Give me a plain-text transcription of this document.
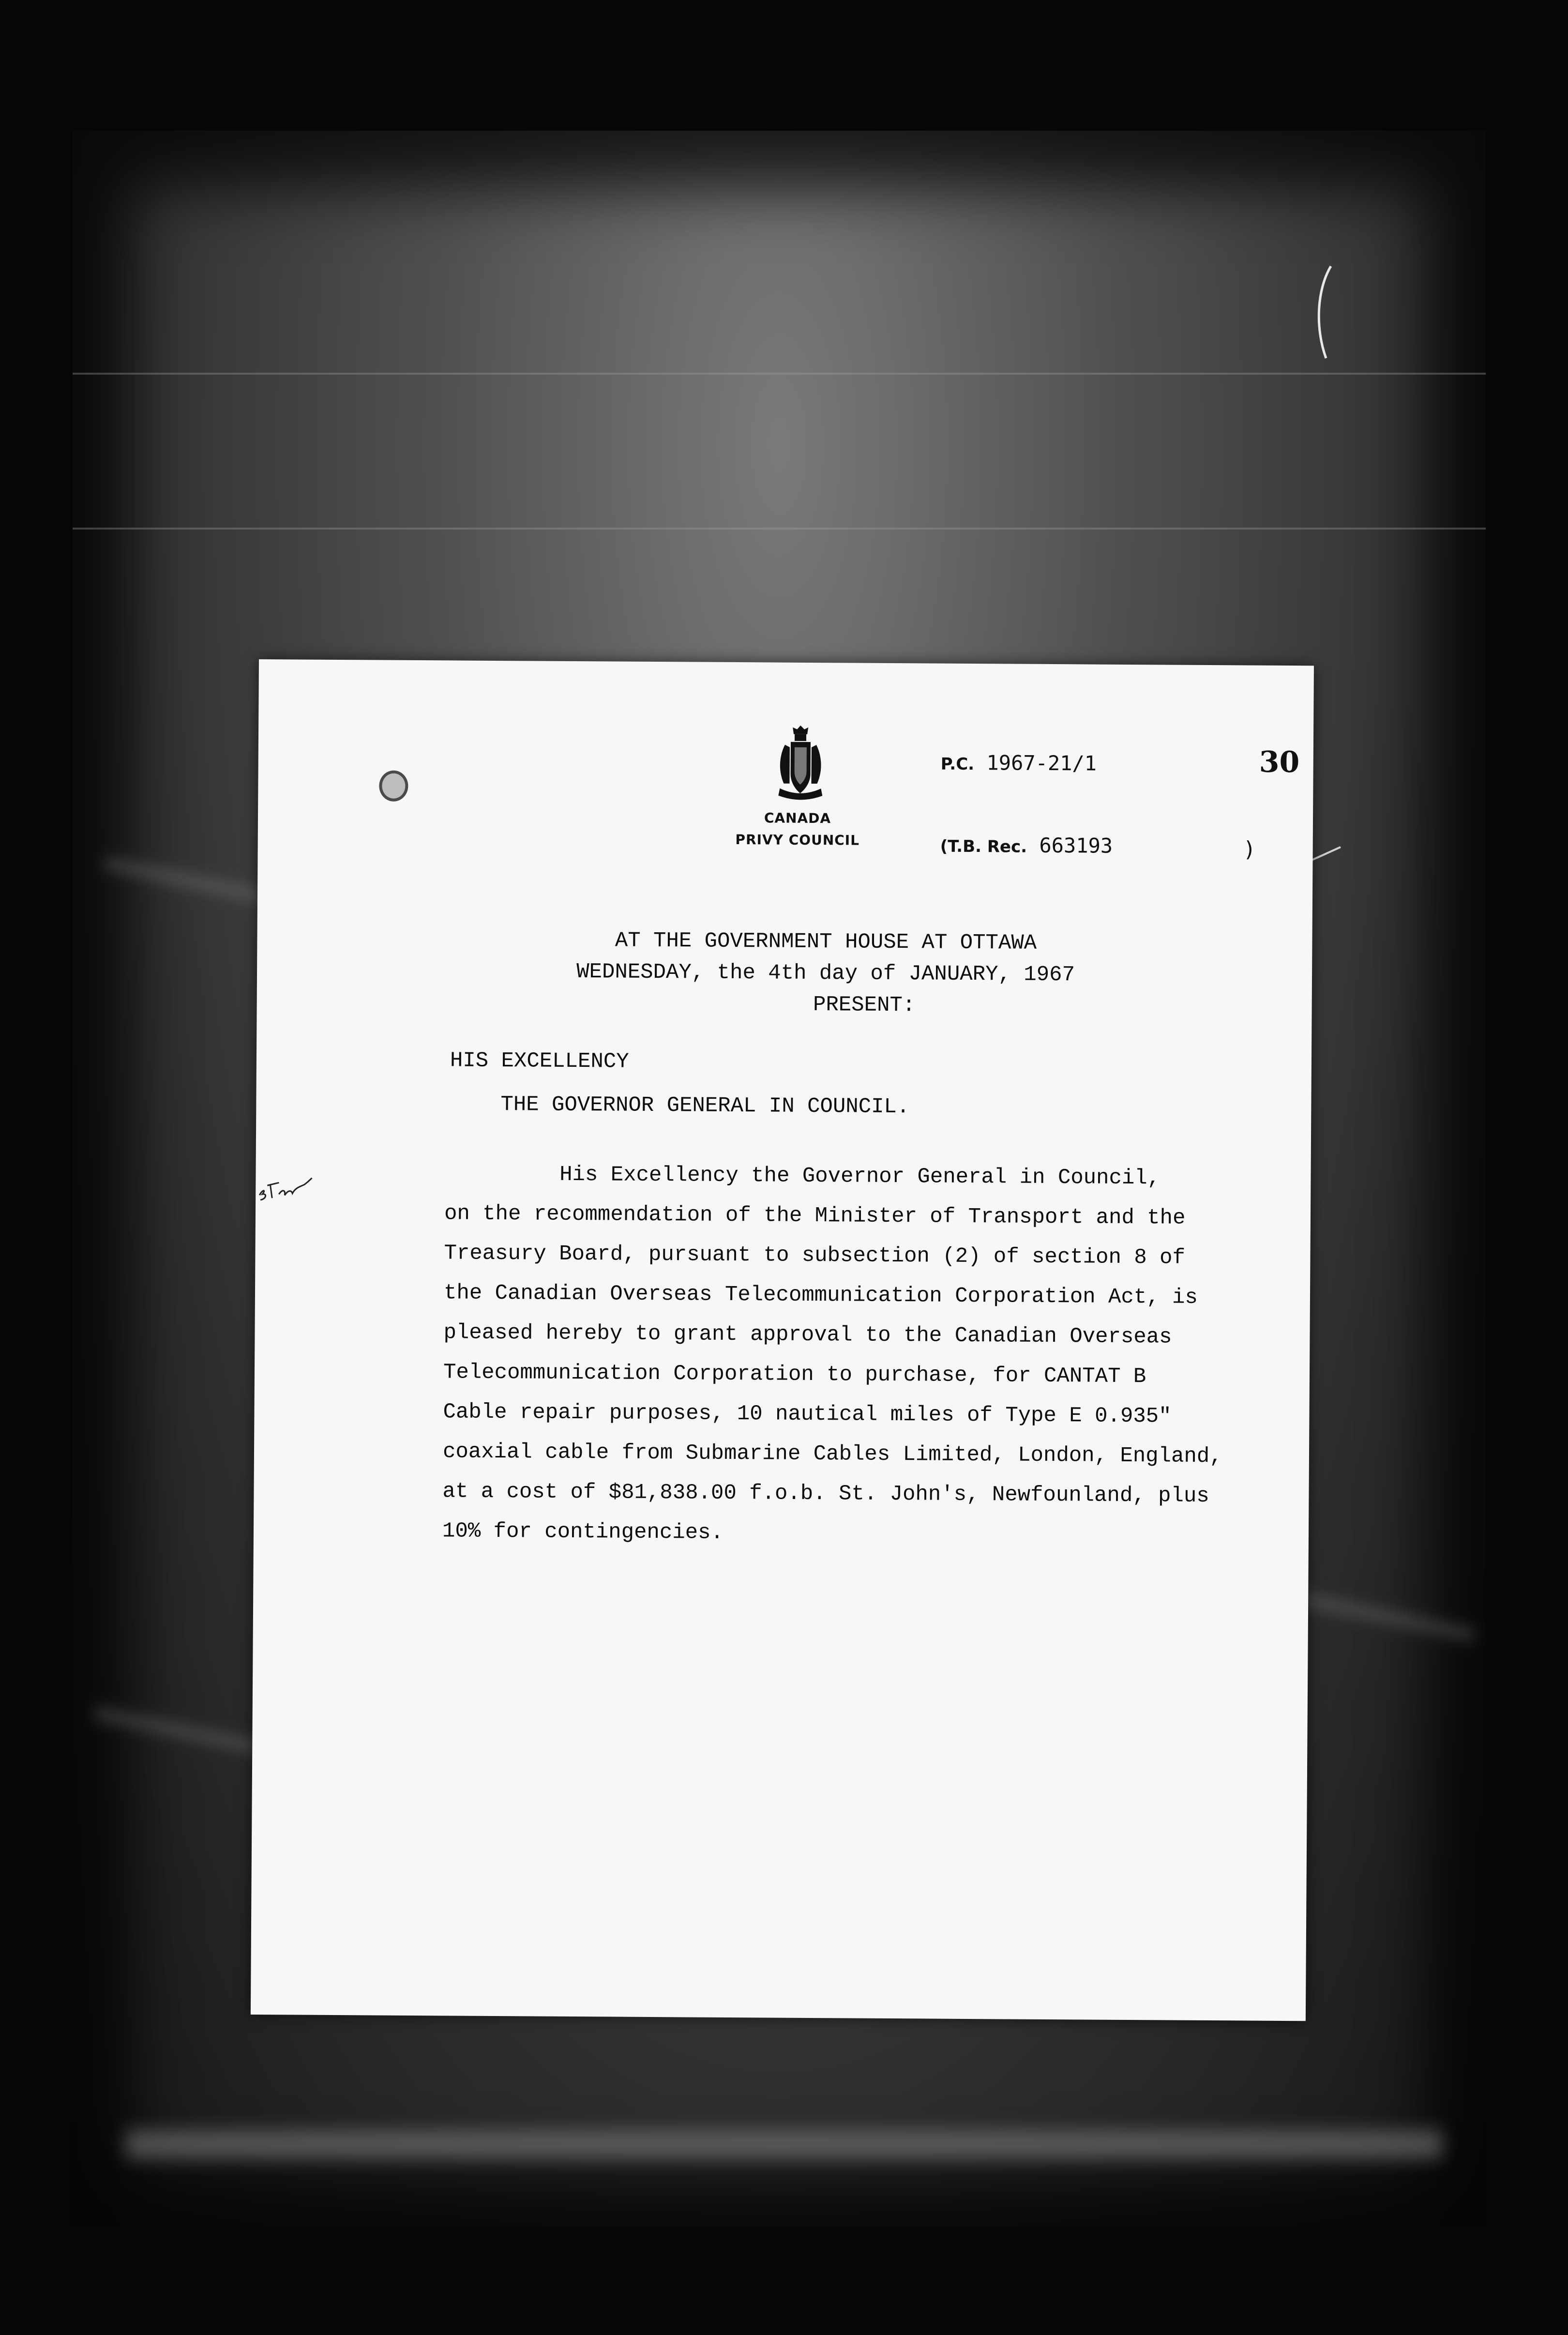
CANADA
PRIVY COUNCIL
P.C. 1967-21/1
(T.B. Rec. 663193
30
)
AT THE GOVERNMENT HOUSE AT OTTAWA
WEDNESDAY, the 4th day of JANUARY, 1967
PRESENT:
HIS EXCELLENCY
THE GOVERNOR GENERAL IN COUNCIL.
His Excellency the Governor General in Council,
on the recommendation of the Minister of Transport and the
Treasury Board, pursuant to subsection (2) of section 8 of
the Canadian Overseas Telecommunication Corporation Act, is
pleased hereby to grant approval to the Canadian Overseas
Telecommunication Corporation to purchase, for CANTAT B
Cable repair purposes, 10 nautical miles of Type E 0.935"
coaxial cable from Submarine Cables Limited, London, England,
at a cost of $81,838.00 f.o.b. St. John's, Newfounland, plus
10% for contingencies.
